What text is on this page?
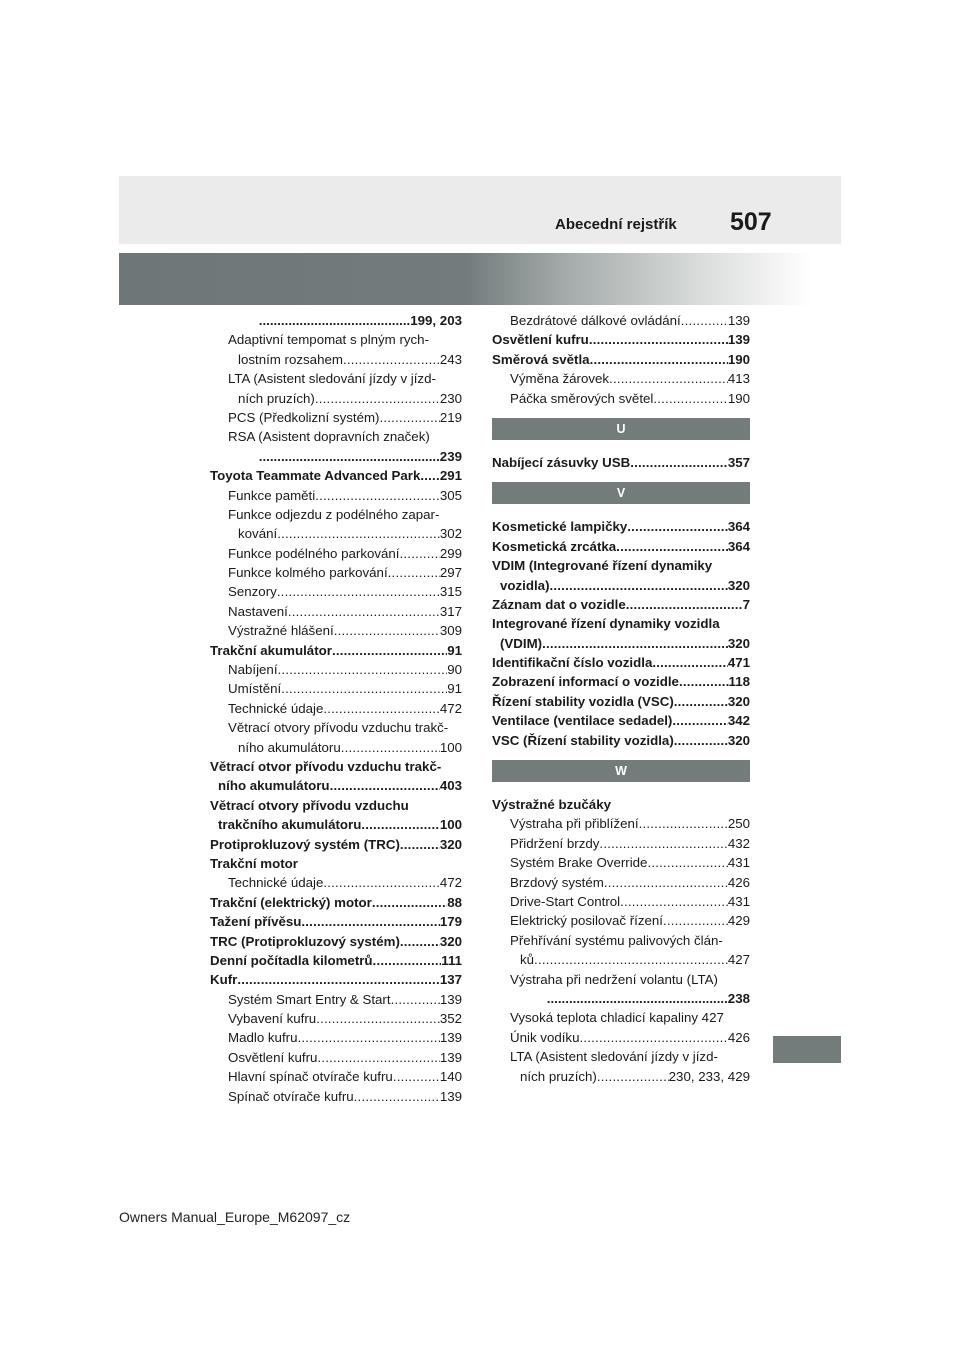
Abecední rejstřík 507
.........................................199, 203
Adaptivní tempomat s plným rych-
lostním rozsahem .....	243
LTA (Asistent sledování jízdy v jízd-
ních pruzích) .....	230
PCS (Předkolizní systém) .....	219
RSA (Asistent dopravních značek)
.................................................239
Toyota Teammate Advanced Park ..... 291
Funkce paměti .....	305
Funkce odjezdu z podélného zapar-
kování .....	302
Funkce podélného parkování .....	299
Funkce kolmého parkování .....	297
Senzory .....	315
Nastavení .....	317
Výstražné hlášení .....	309
Trakční akumulátor .....	91
Nabíjení .....	90
Umístění .....	91
Technické údaje .....	472
Větrací otvory přívodu vzduchu trakč-
ního akumulátoru .....	100
Větrací otvor přívodu vzduchu trakč-
ního akumulátoru .....	403
Větrací otvory přívodu vzduchu
trakčního akumulátoru .....	100
Protiprokluzový systém (TRC) .....	320
Trakční motor
Technické údaje .....	472
Trakční (elektrický) motor .....	88
Tažení přívěsu .....	179
TRC (Protiprokluzový systém) .....	320
Denní počítadla kilometrů .....	111
Kufr .....	137
Systém Smart Entry & Start .....	139
Vybavení kufru .....	352
Madlo kufru .....	139
Osvětlení kufru .....	139
Hlavní spínač otvírače kufru .....	140
Spínač otvírače kufru .....	139
Bezdrátové dálkové ovládání .....	139
Osvětlení kufru .....	139
Směrová světla .....	190
Výměna žárovek .....	413
Páčka směrových světel .....	190
U
Nabíjecí zásuvky USB .....	357
V
Kosmetické lampičky .....	364
Kosmetická zrcátka .....	364
VDIM (Integrované řízení dynamiky
vozidla) .....	320
Záznam dat o vozidle .....	7
Integrované řízení dynamiky vozidla
(VDIM) .....	320
Identifikační číslo vozidla .....	471
Zobrazení informací o vozidle .....	118
Řízení stability vozidla (VSC) .....	320
Ventilace (ventilace sedadel) .....	342
VSC (Řízení stability vozidla) .....	320
W
Výstražné bzučáky
Výstraha při přiblížení .....	250
Přidržení brzdy .....	432
Systém Brake Override .....	431
Brzdový systém .....	426
Drive-Start Control .....	431
Elektrický posilovač řízení .....	429
Přehřívání systému palivových člán-
ků .....	427
Výstraha při nedržení volantu (LTA)
.................................................238
Vysoká teplota chladicí kapaliny 427
Únik vodíku .....	426
LTA (Asistent sledování jízdy v jízd-
ních pruzích) .....	230, 233, 429
Owners Manual_Europe_M62097_cz
